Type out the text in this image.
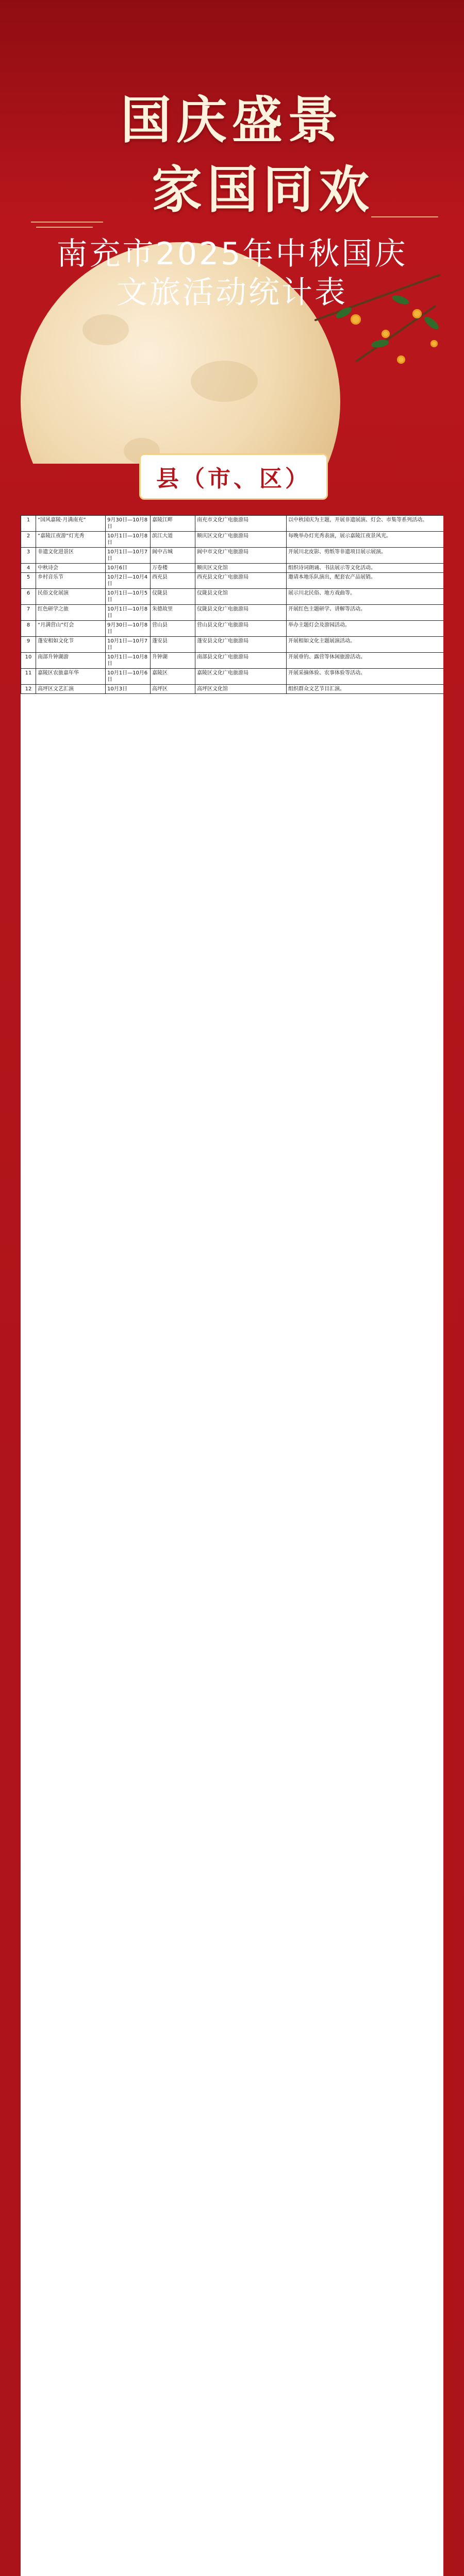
国庆盛景
家国同欢
南充市2025年中秋国庆
文旅活动统计表
县（市、区）
1	“国风嘉陵·月满南充”	9月30日—10月8日	嘉陵江畔	南充市文化广电旅游局	以中秋国庆为主题，开展非遗展演、灯会、市集等系列活动。
2	“嘉陵江夜游”灯光秀	10月1日—10月8日	滨江大道	顺庆区文化广电旅游局	每晚举办灯光秀表演，展示嘉陵江夜景风光。
3	非遗文化进景区	10月1日—10月7日	阆中古城	阆中市文化广电旅游局	开展川北皮影、剪纸等非遗项目展示展演。
4	中秋诗会	10月6日	万卷楼	顺庆区文化馆	组织诗词朗诵、书法展示等文化活动。
5	乡村音乐节	10月2日—10月4日	西充县	西充县文化广电旅游局	邀请本地乐队演出，配套农产品展销。
6	民俗文化展演	10月1日—10月5日	仪陇县	仪陇县文化馆	展示川北民俗、地方戏曲等。
7	红色研学之旅	10月1日—10月8日	朱德故里	仪陇县文化广电旅游局	开展红色主题研学、讲解等活动。
8	“月满营山”灯会	9月30日—10月8日	营山县	营山县文化广电旅游局	举办主题灯会及游园活动。
9	蓬安相如文化节	10月1日—10月7日	蓬安县	蓬安县文化广电旅游局	开展相如文化主题展演活动。
10	南部升钟湖游	10月1日—10月8日	升钟湖	南部县文化广电旅游局	开展垂钓、露营等休闲旅游活动。
11	嘉陵区农旅嘉年华	10月1日—10月6日	嘉陵区	嘉陵区文化广电旅游局	开展采摘体验、农事体验等活动。
12	高坪区文艺汇演	10月3日	高坪区	高坪区文化馆	组织群众文艺节目汇演。
